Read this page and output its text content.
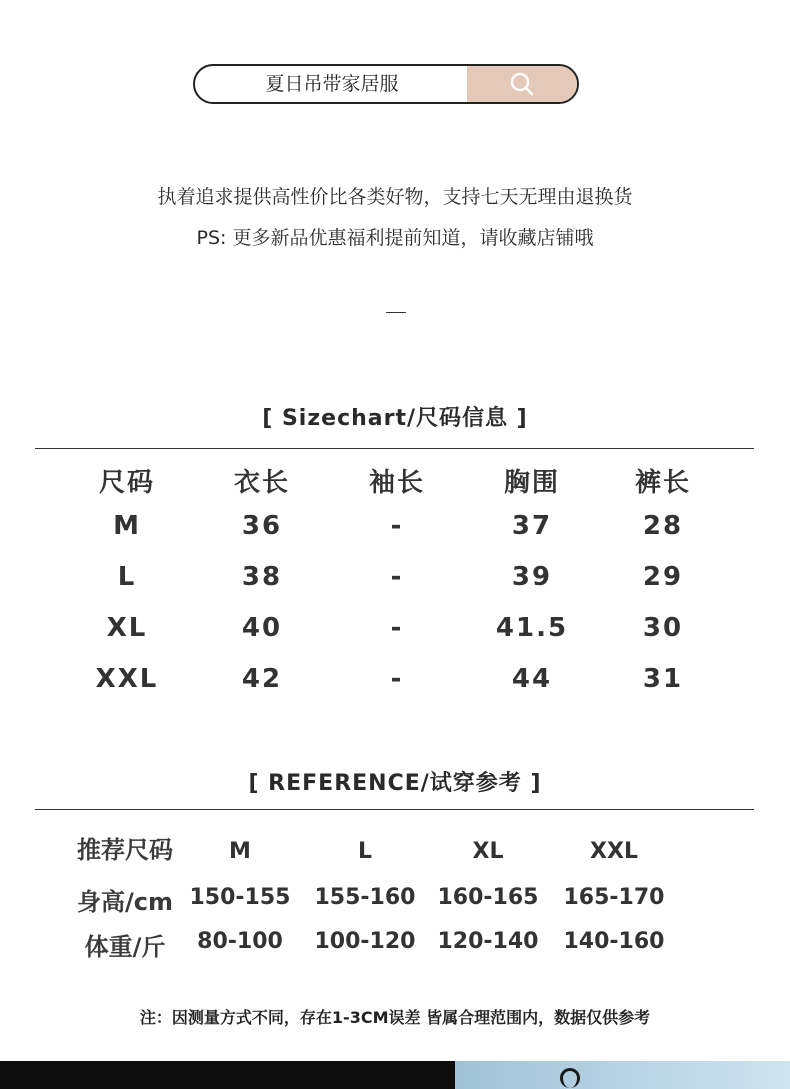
夏日吊带家居服
执着追求提供高性价比各类好物，支持七天无理由退换货
PS: 更多新品优惠福利提前知道，请收藏店铺哦
[ Sizechart/尺码信息 ]
尺码	衣长	袖长	胸围	裤长
M	36	-	37	28
L	38	-	39	29
XL	40	-	41.5	30
XXL	42	-	44	31
[ REFERENCE/试穿参考 ]
推荐尺码	M	L	XL	XXL
身高/cm 150-155	155-160	160-165	165-170
体重/斤	80-100	100-120	120-140	140-160
注：因测量方式不同，存在1-3CM误差 皆属合理范围内，数据仅供参考
